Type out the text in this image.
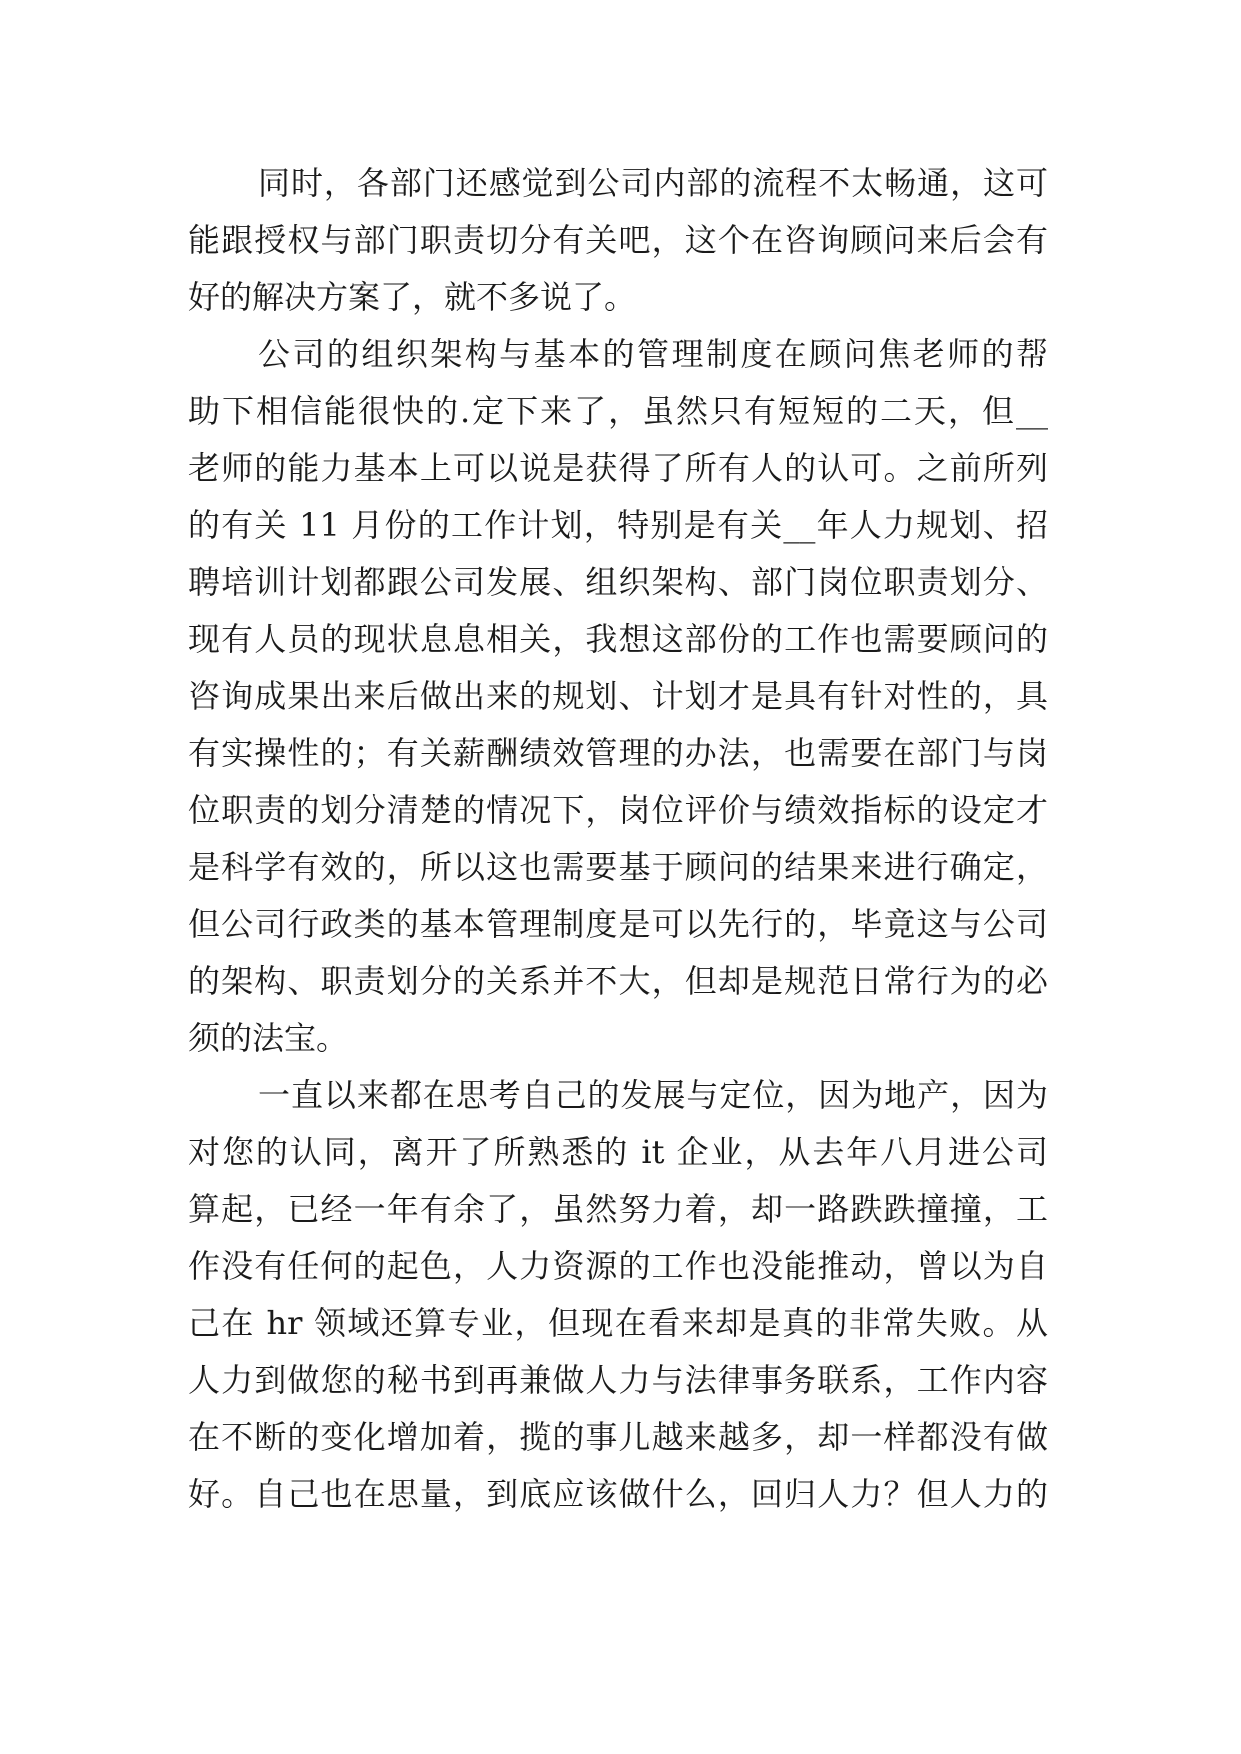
同时，各部门还感觉到公司内部的流程不太畅通，这可
能跟授权与部门职责切分有关吧，这个在咨询顾问来后会有
好的解决方案了，就不多说了。
公司的组织架构与基本的管理制度在顾问焦老师的帮
助下相信能很快的.定下来了，虽然只有短短的二天，但__
老师的能力基本上可以说是获得了所有人的认可。之前所列
的有关 11 月份的工作计划，特别是有关__年人力规划、招
聘培训计划都跟公司发展、组织架构、部门岗位职责划分、
现有人员的现状息息相关，我想这部份的工作也需要顾问的
咨询成果出来后做出来的规划、计划才是具有针对性的，具
有实操性的；有关薪酬绩效管理的办法，也需要在部门与岗
位职责的划分清楚的情况下，岗位评价与绩效指标的设定才
是科学有效的，所以这也需要基于顾问的结果来进行确定，
但公司行政类的基本管理制度是可以先行的，毕竟这与公司
的架构、职责划分的关系并不大，但却是规范日常行为的必
须的法宝。
一直以来都在思考自己的发展与定位，因为地产，因为
对您的认同，离开了所熟悉的 it 企业，从去年八月进公司
算起，已经一年有余了，虽然努力着，却一路跌跌撞撞，工
作没有任何的起色，人力资源的工作也没能推动，曾以为自
己在 hr 领域还算专业，但现在看来却是真的非常失败。从
人力到做您的秘书到再兼做人力与法律事务联系，工作内容
在不断的变化增加着，揽的事儿越来越多，却一样都没有做
好。自己也在思量，到底应该做什么，回归人力？但人力的
